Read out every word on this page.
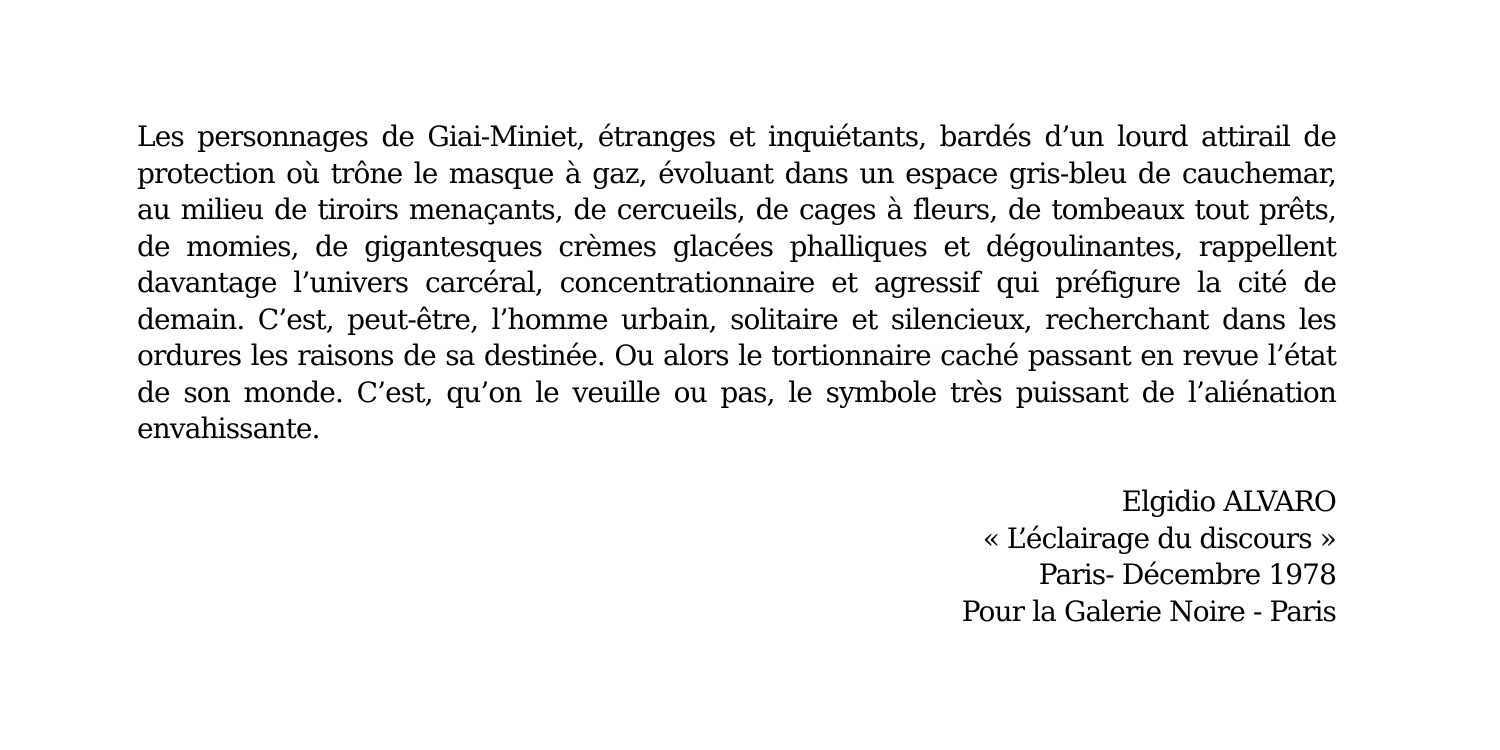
Les personnages de Giai-Miniet, étranges et inquiétants, bardés d’un lourd attirail de protection où trône le masque à gaz, évoluant dans un espace gris-bleu de cauchemar, au milieu de tiroirs menaçants, de cercueils, de cages à fleurs, de tombeaux tout prêts, de momies, de gigantesques crèmes glacées phalliques et dégoulinantes, rappellent davantage l’univers carcéral, concentrationnaire et agressif qui préfigure la cité de demain. C’est, peut-être, l’homme urbain, solitaire et silencieux, recherchant dans les ordures les raisons de sa destinée. Ou alors le tortionnaire caché passant en revue l’état de son monde. C’est, qu’on le veuille ou pas, le symbole très puissant de l’aliénation envahissante.

Elgidio ALVARO
« L’éclairage du discours »
Paris- Décembre 1978
Pour la Galerie Noire - Paris
